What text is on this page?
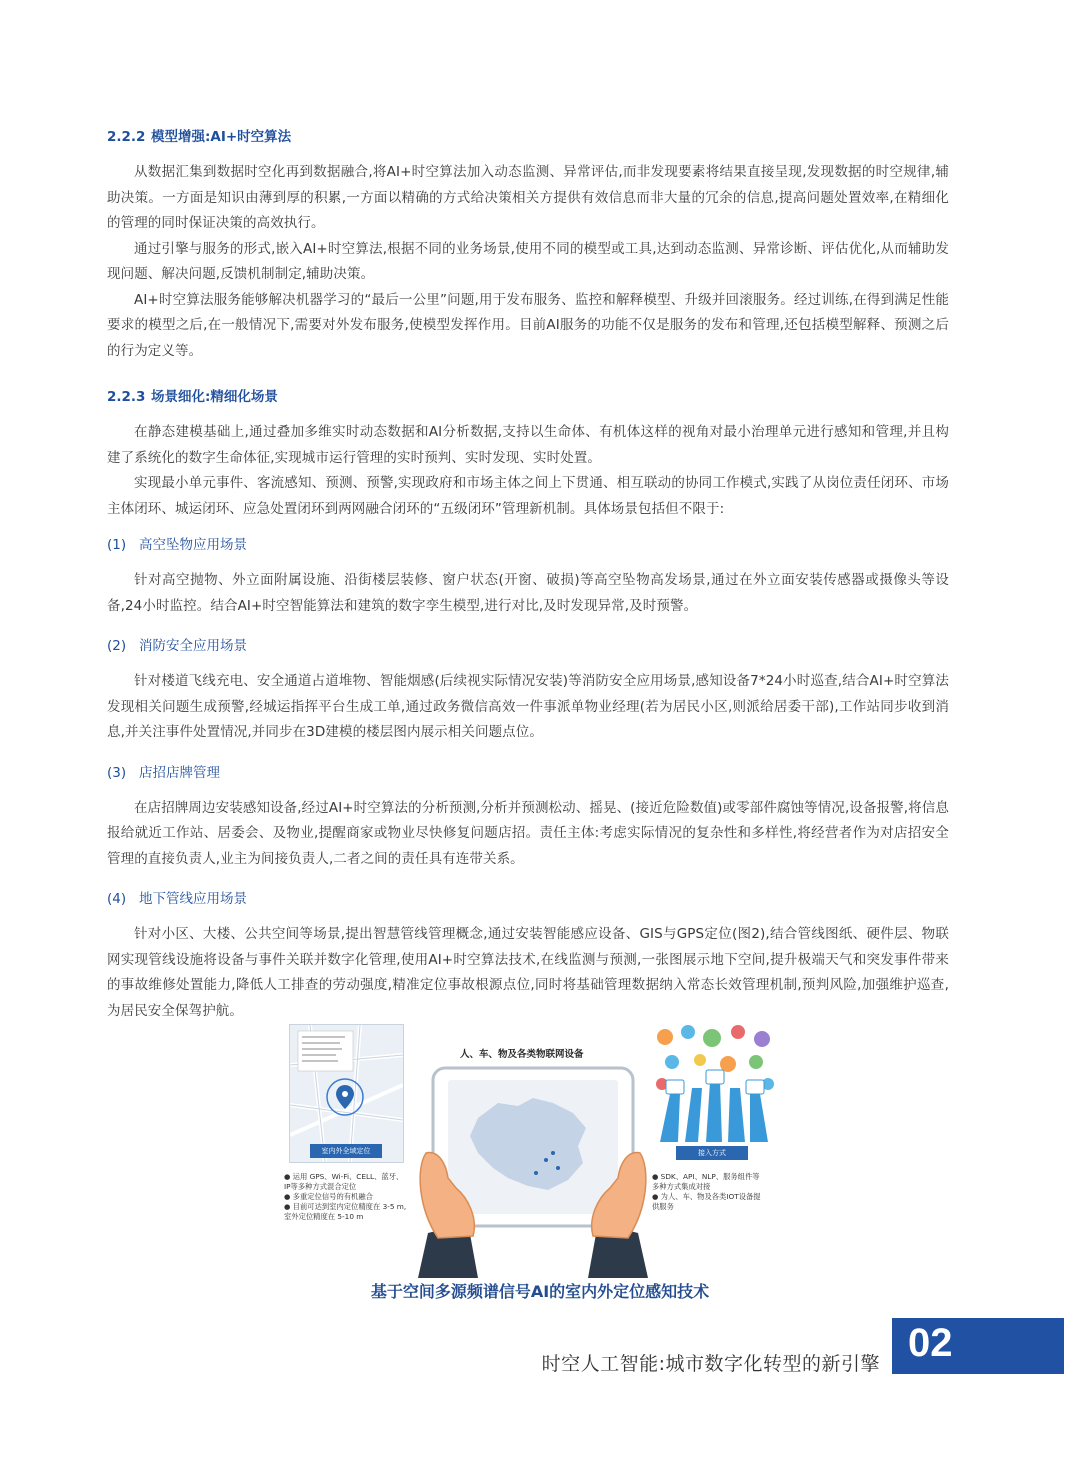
2.2.2 模型增强:AI+时空算法

从数据汇集到数据时空化再到数据融合,将AI+时空算法加入动态监测、异常评估,而非发现要素将结果直接呈现,发现数据的时空规律,辅助决策。一方面是知识由薄到厚的积累,一方面以精确的方式给决策相关方提供有效信息而非大量的冗余的信息,提高问题处置效率,在精细化的管理的同时保证决策的高效执行。

通过引擎与服务的形式,嵌入AI+时空算法,根据不同的业务场景,使用不同的模型或工具,达到动态监测、异常诊断、评估优化,从而辅助发现问题、解决问题,反馈机制制定,辅助决策。

AI+时空算法服务能够解决机器学习的“最后一公里”问题,用于发布服务、监控和解释模型、升级并回滚服务。经过训练,在得到满足性能要求的模型之后,在一般情况下,需要对外发布服务,使模型发挥作用。目前AI服务的功能不仅是服务的发布和管理,还包括模型解释、预测之后的行为定义等。

2.2.3 场景细化:精细化场景

在静态建模基础上,通过叠加多维实时动态数据和AI分析数据,支持以生命体、有机体这样的视角对最小治理单元进行感知和管理,并且构建了系统化的数字生命体征,实现城市运行管理的实时预判、实时发现、实时处置。

实现最小单元事件、客流感知、预测、预警,实现政府和市场主体之间上下贯通、相互联动的协同工作模式,实践了从岗位责任闭环、市场主体闭环、城运闭环、应急处置闭环到两网融合闭环的“五级闭环”管理新机制。具体场景包括但不限于:

(1) 高空坠物应用场景

针对高空抛物、外立面附属设施、沿街楼层装修、窗户状态(开窗、破损)等高空坠物高发场景,通过在外立面安装传感器或摄像头等设备,24小时监控。结合AI+时空智能算法和建筑的数字孪生模型,进行对比,及时发现异常,及时预警。

(2) 消防安全应用场景

针对楼道飞线充电、安全通道占道堆物、智能烟感(后续视实际情况安装)等消防安全应用场景,感知设备7*24小时巡查,结合AI+时空算法发现相关问题生成预警,经城运指挥平台生成工单,通过政务微信高效一件事派单物业经理(若为居民小区,则派给居委干部),工作站同步收到消息,并关注事件处置情况,并同步在3D建模的楼层图内展示相关问题点位。

(3) 店招店牌管理

在店招牌周边安装感知设备,经过AI+时空算法的分析预测,分析并预测松动、摇晃、(接近危险数值)或零部件腐蚀等情况,设备报警,将信息报给就近工作站、居委会、及物业,提醒商家或物业尽快修复问题店招。责任主体:考虑实际情况的复杂性和多样性,将经营者作为对店招安全管理的直接负责人,业主为间接负责人,二者之间的责任具有连带关系。

(4) 地下管线应用场景

针对小区、大楼、公共空间等场景,提出智慧管线管理概念,通过安装智能感应设备、GIS与GPS定位(图2),结合管线图纸、硬件层、物联网实现管线设施将设备与事件关联并数字化管理,使用AI+时空算法技术,在线监测与预测,一张图展示地下空间,提升极端天气和突发事件带来的事故维修处置能力,降低人工排查的劳动强度,精准定位事故根源点位,同时将基础管理数据纳入常态长效管理机制,预判风险,加强维护巡查,为居民安全保驾护航。

室内外全域定位
人、车、物及各类物联网设备
接入方式
● 运用 GPS、Wi-Fi、CELL、蓝牙、
IP等多种方式混合定位
● 多重定位信号的有机融合
● 目前可达到室内定位精度在 3-5 m,
室外定位精度在 5-10 m
● SDK、API、NLP、服务组件等
多种方式集成对接
● 为人、车、物及各类IOT设备提
供服务
基于空间多源频谱信号AI的室内外定位感知技术
时空人工智能:城市数字化转型的新引擎 02
